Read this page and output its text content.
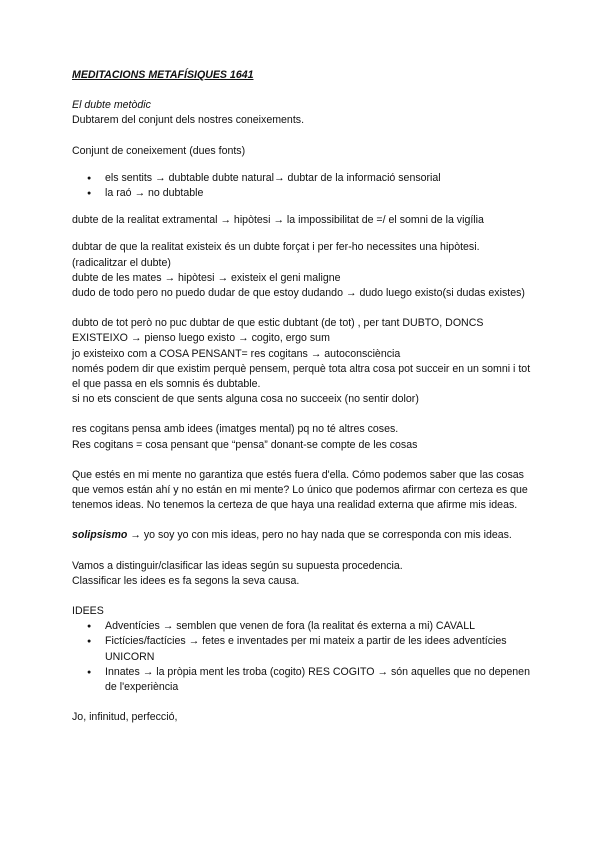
MEDITACIONS METAFÍSIQUES 1641

El dubte metòdic

Dubtarem del conjunt dels nostres coneixements.

Conjunt de coneixement (dues fonts)

● els sentits → dubtable dubte natural→ dubtar de la informació sensorial
● la raó → no dubtable

dubte de la realitat extramental → hipòtesi → la impossibilitat de =/ el somni de la vigília

dubtar de que la realitat existeix és un dubte forçat i per fer-ho necessites una hipòtesi. (radicalitzar el dubte)

dubte de les mates → hipòtesi → existeix el geni maligne

dudo de todo pero no puedo dudar de que estoy dudando → dudo luego existo(si dudas existes)

dubto de tot però no puc dubtar de que estic dubtant (de tot) , per tant DUBTO, DONCS EXISTEIXO → pienso luego existo → cogito, ergo sum

jo existeixo com a COSA PENSANT= res cogitans → autoconsciència

només podem dir que existim perquè pensem, perquè tota altra cosa pot succeir en un somni i tot el que passa en els somnis és dubtable.

si no ets conscient de que sents alguna cosa no succeeix (no sentir dolor)

res cogitans pensa amb idees (imatges mental) pq no té altres coses.

Res cogitans = cosa pensant que “pensa” donant-se compte de les cosas

Que estés en mi mente no garantiza que estés fuera d'ella. Cómo podemos saber que las cosas que vemos están ahí y no están en mi mente? Lo único que podemos afirmar con certeza es que tenemos ideas. No tenemos la certeza de que haya una realidad externa que afirme mis ideas.

solipsismo → yo soy yo con mis ideas, pero no hay nada que se corresponda con mis ideas.

Vamos a distinguir/clasificar las ideas según su supuesta procedencia.

Classificar les idees es fa segons la seva causa.

IDEES

● Adventícies → semblen que venen de fora (la realitat és externa a mi) CAVALL
● Fictícies/factícies → fetes e inventades per mi mateix a partir de les idees adventícies UNICORN
● Innates → la pròpia ment les troba (cogito) RES COGITO → són aquelles que no depenen de l'experiència

Jo, infinitud, perfecció,
